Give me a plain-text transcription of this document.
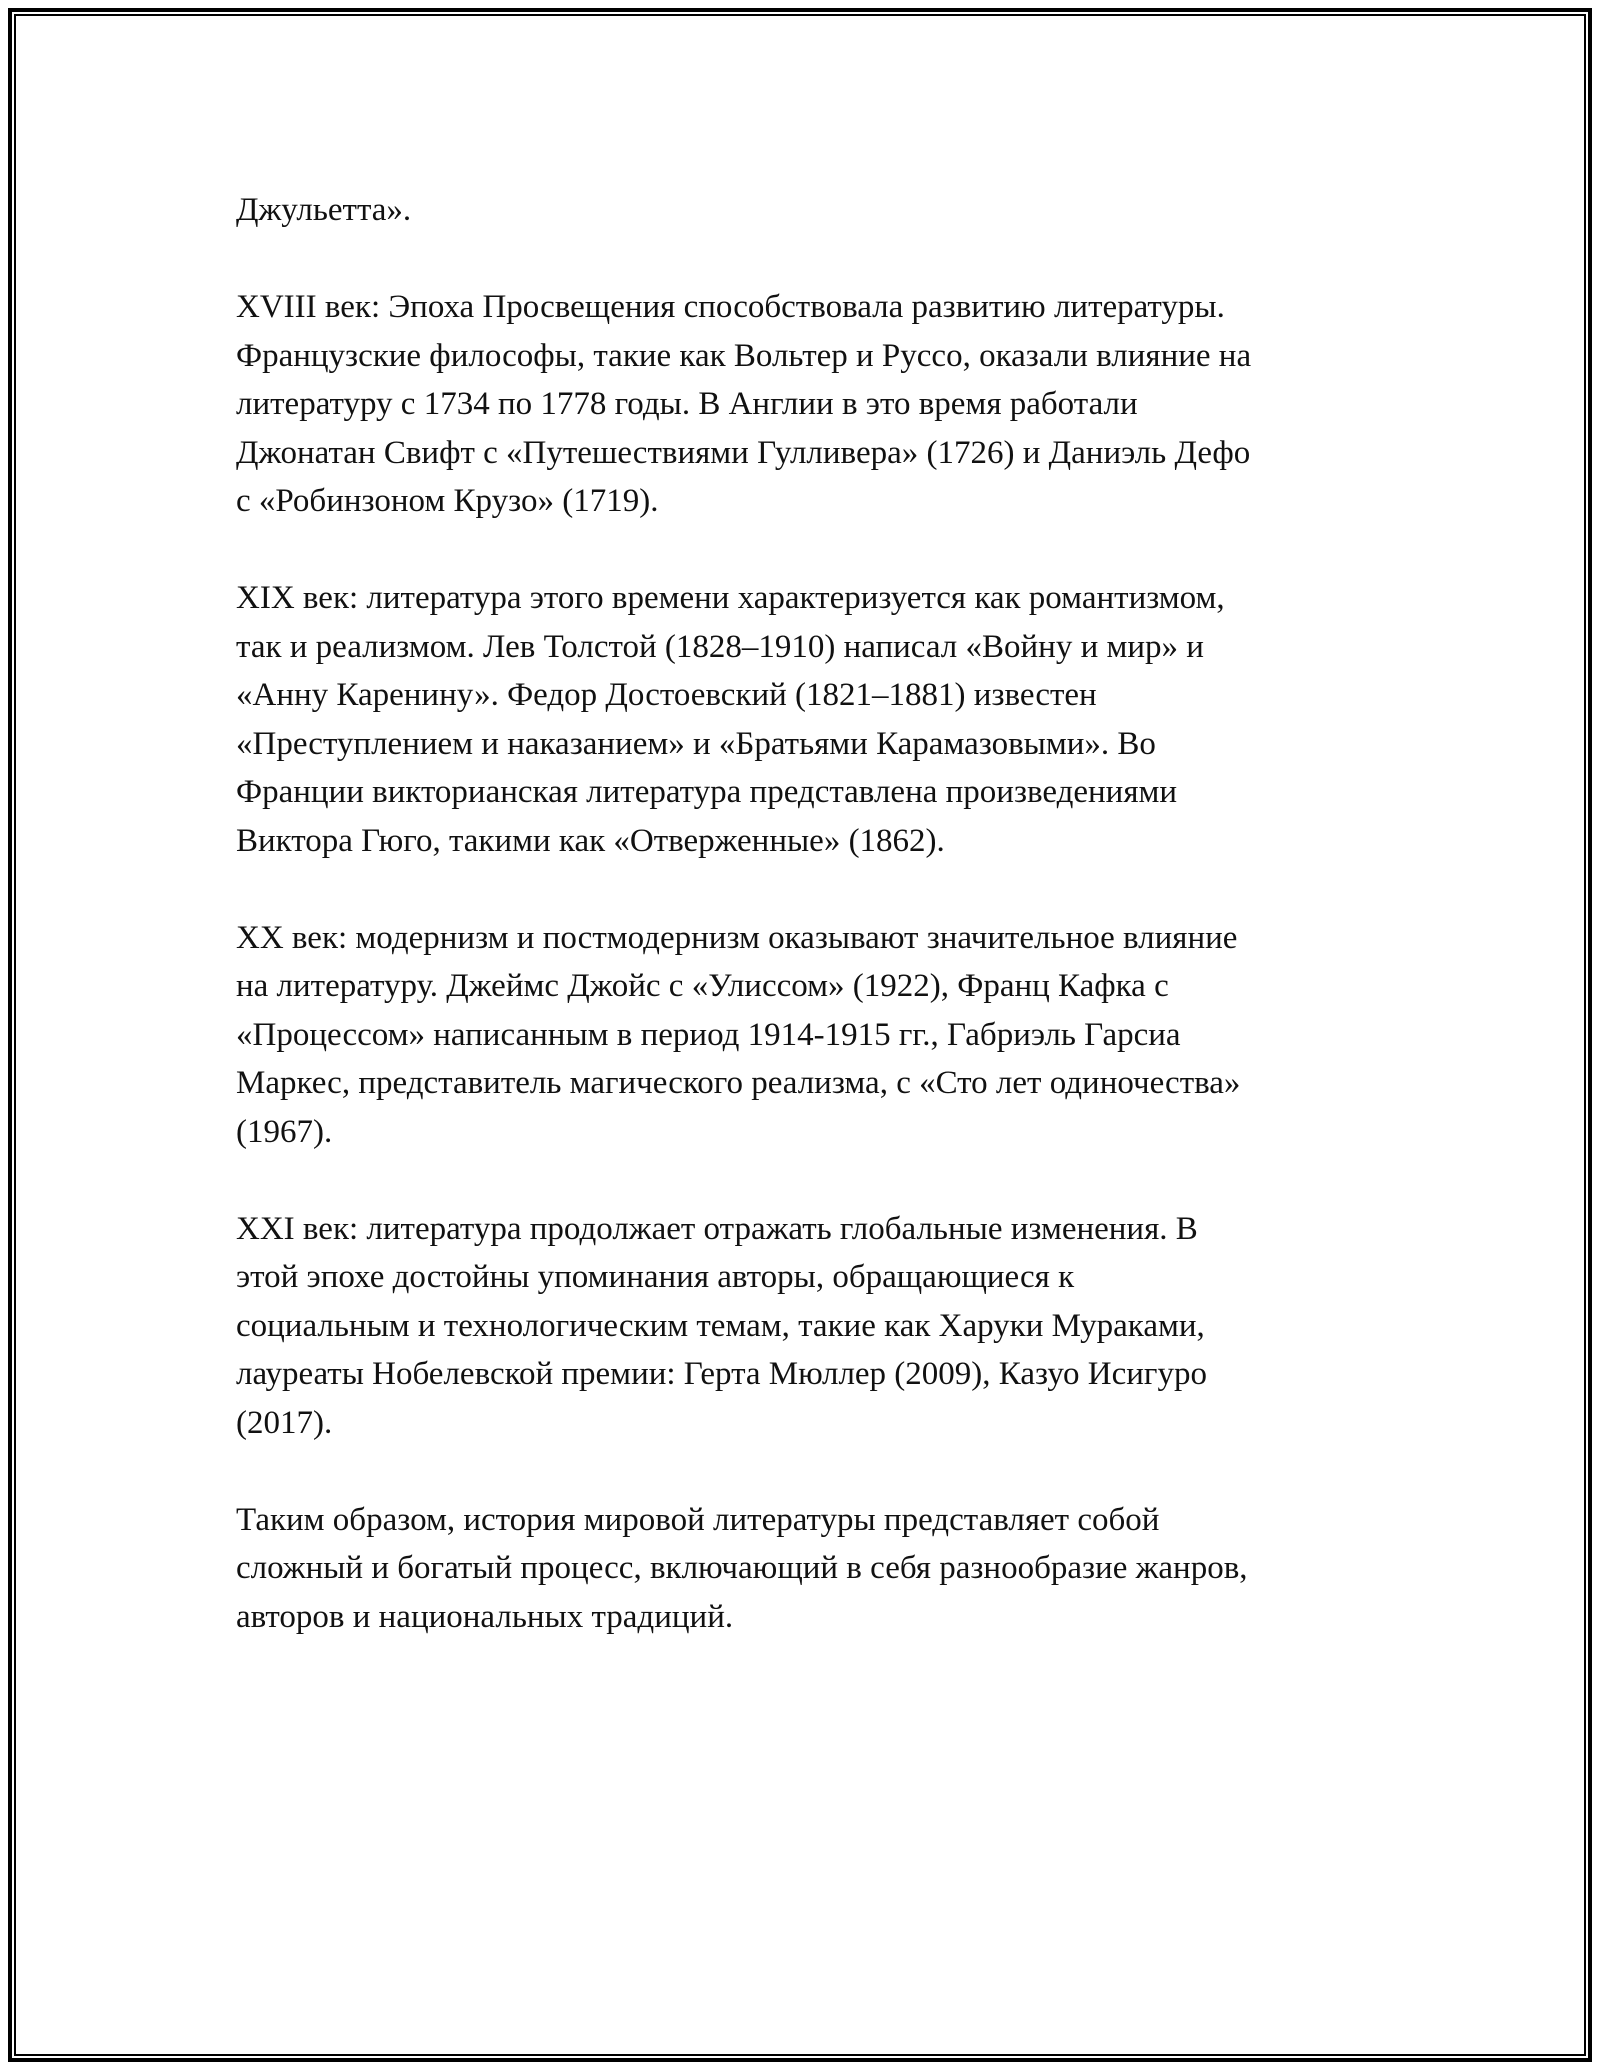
Джульетта».

XVIII век: Эпоха Просвещения способствовала развитию литературы.
Французские философы, такие как Вольтер и Руссо, оказали влияние на
литературу с 1734 по 1778 годы. В Англии в это время работали
Джонатан Свифт с «Путешествиями Гулливера» (1726) и Даниэль Дефо
с «Робинзоном Крузо» (1719).

XIX век: литература этого времени характеризуется как романтизмом,
так и реализмом. Лев Толстой (1828–1910) написал «Войну и мир» и
«Анну Каренину». Федор Достоевский (1821–1881) известен
«Преступлением и наказанием» и «Братьями Карамазовыми». Во
Франции викторианская литература представлена произведениями
Виктора Гюго, такими как «Отверженные» (1862).

XX век: модернизм и постмодернизм оказывают значительное влияние
на литературу. Джеймс Джойс с «Улиссом» (1922), Франц Кафка с
«Процессом» написанным в период 1914-1915 гг., Габриэль Гарсиа
Маркес, представитель магического реализма, с «Сто лет одиночества»
(1967).

XXI век: литература продолжает отражать глобальные изменения. В
этой эпохе достойны упоминания авторы, обращающиеся к
социальным и технологическим темам, такие как Харуки Мураками,
лауреаты Нобелевской премии: Герта Мюллер (2009), Казуо Исигуро
(2017).

Таким образом, история мировой литературы представляет собой
сложный и богатый процесс, включающий в себя разнообразие жанров,
авторов и национальных традиций.
